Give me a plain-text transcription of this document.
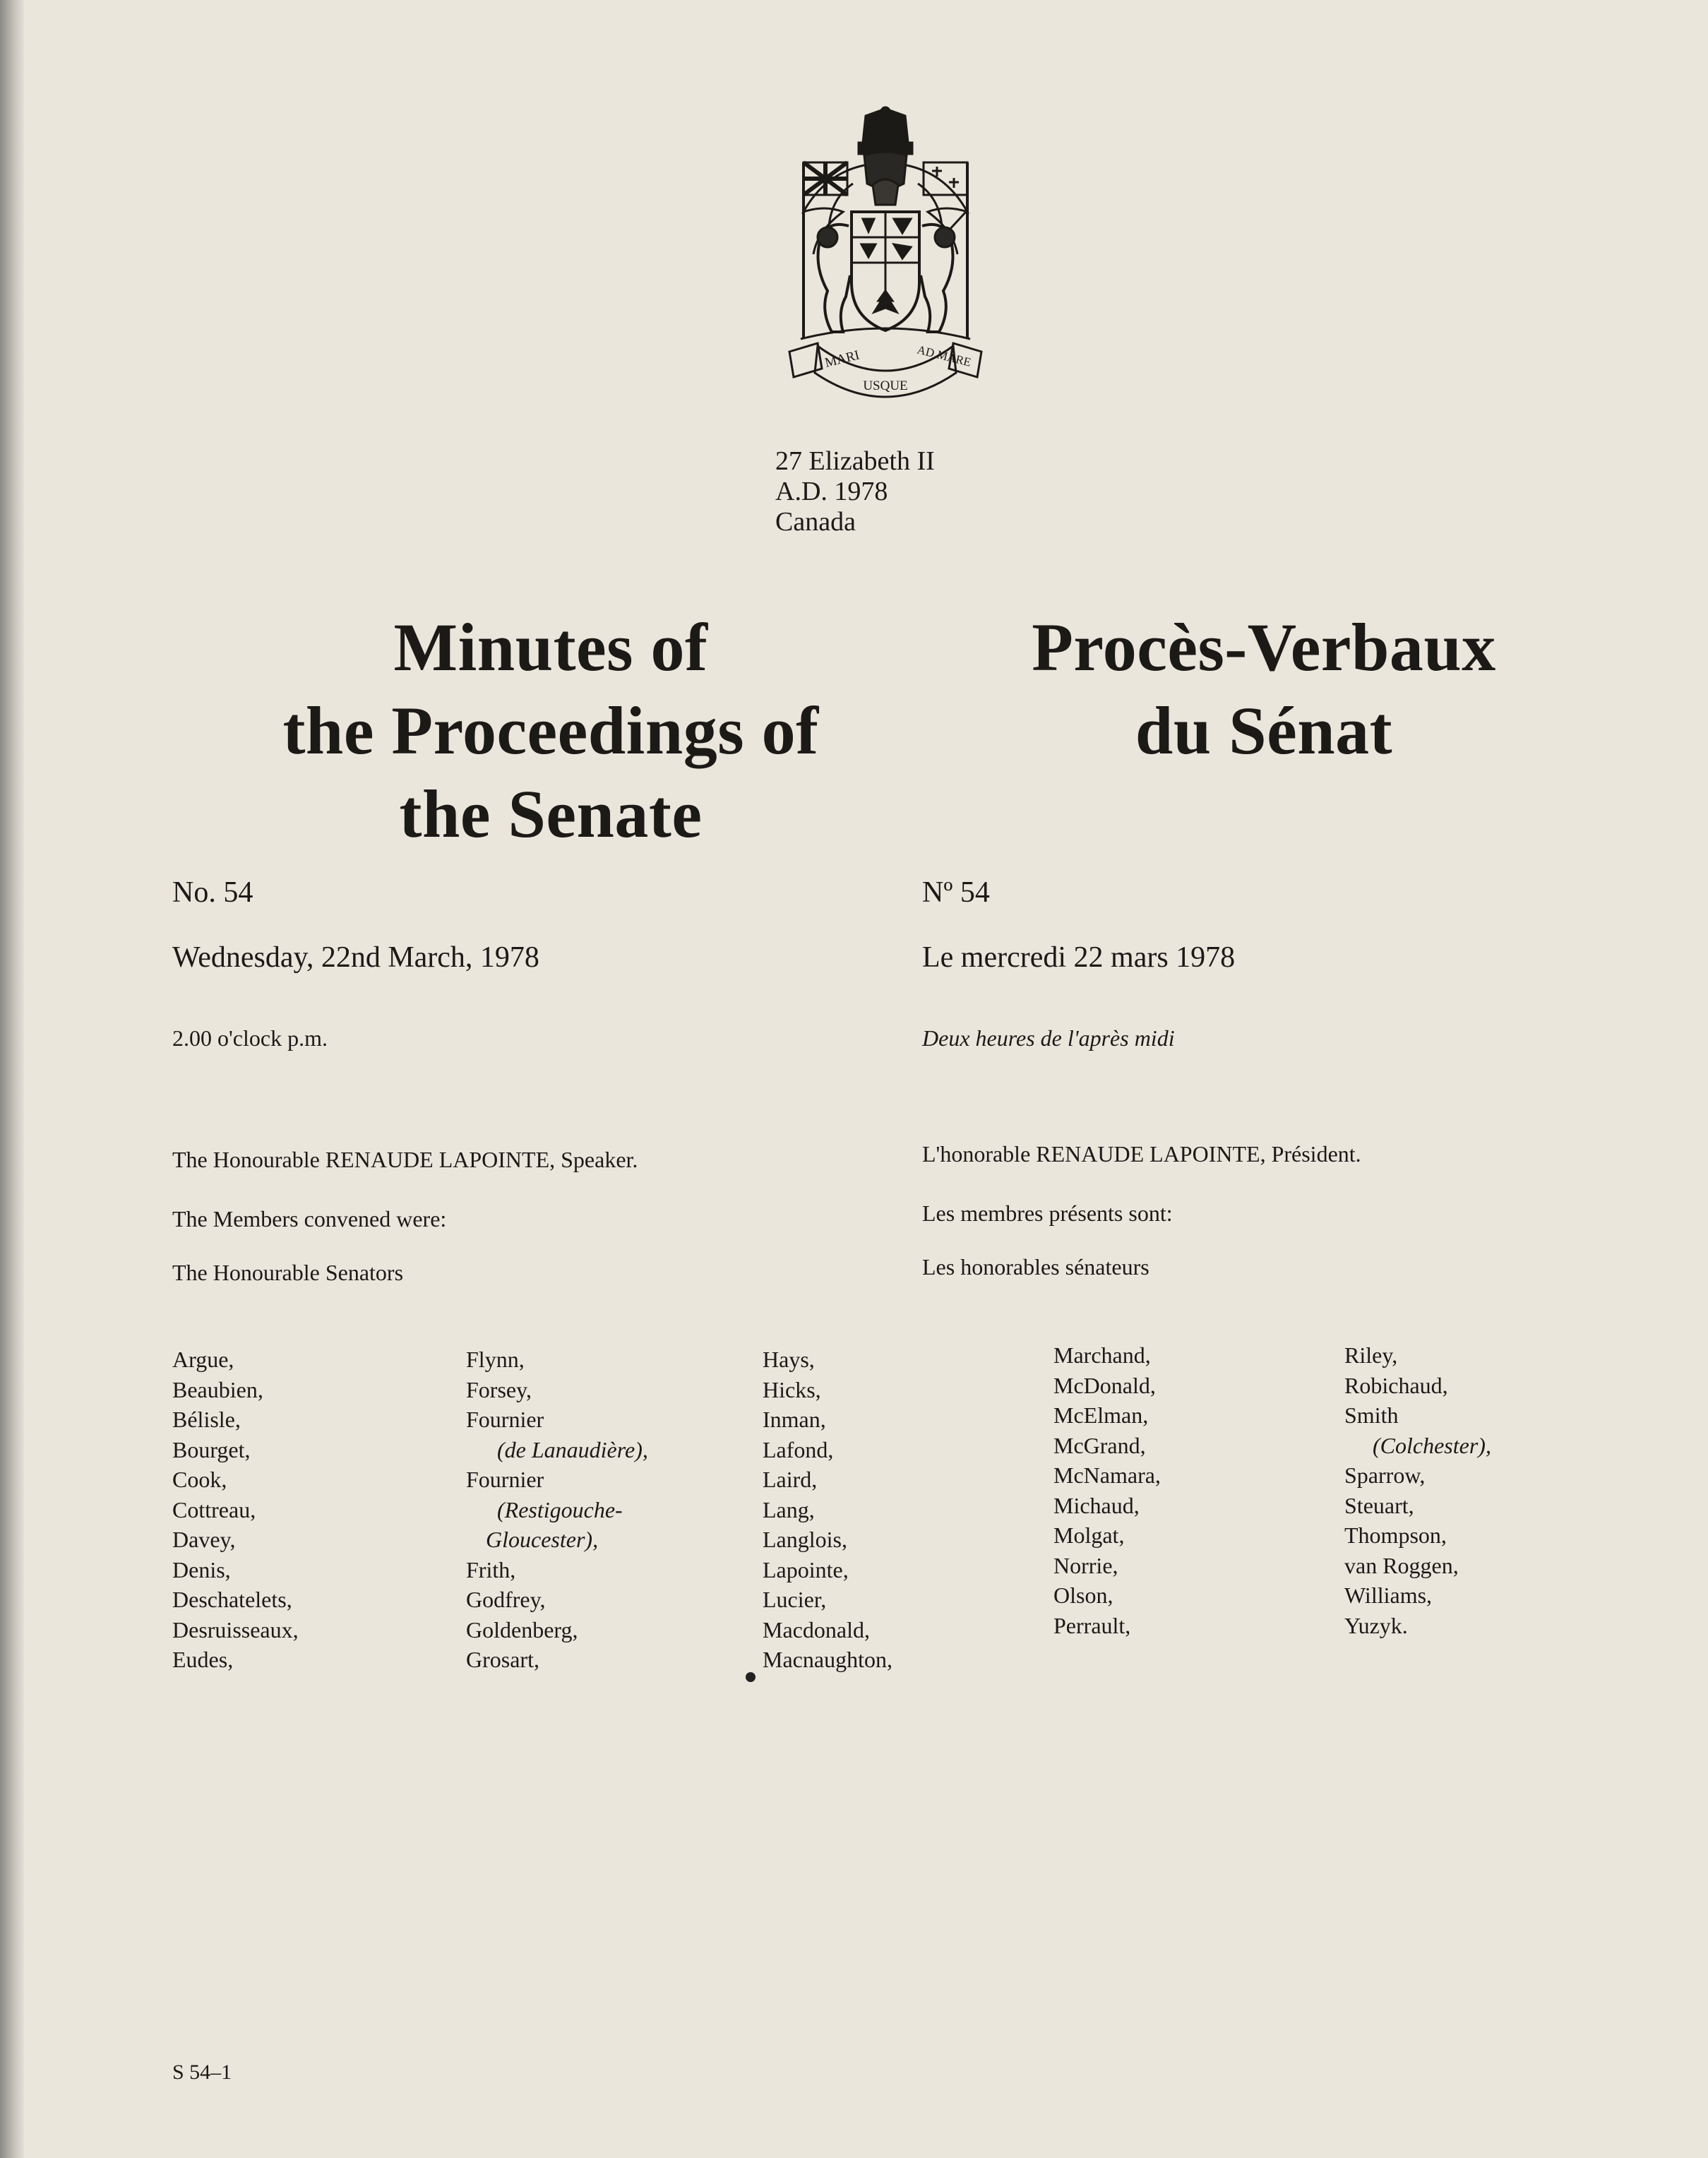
MARI
USQUE
AD MARE
27 Elizabeth II
A.D. 1978
Canada
Minutes of
the Proceedings of
the Senate
Procès-Verbaux
du Sénat
No. 54	Nº 54
Wednesday, 22nd March, 1978	Le mercredi 22 mars 1978
2.00 o'clock p.m.	Deux heures de l'après midi
The Honourable RENAUDE LAPOINTE, Speaker.	L'honorable RENAUDE LAPOINTE, Président.
The Members convened were:	Les membres présents sont:
The Honourable Senators	Les honorables sénateurs
Argue,
Beaubien,
Bélisle,
Bourget,
Cook,
Cottreau,
Davey,
Denis,
Deschatelets,
Desruisseaux,
Eudes,
Flynn,
Forsey,
Fournier
(de Lanaudière),
Fournier
(Restigouche-
Gloucester),
Frith,
Godfrey,
Goldenberg,
Grosart,
Hays,
Hicks,
Inman,
Lafond,
Laird,
Lang,
Langlois,
Lapointe,
Lucier,
Macdonald,
Macnaughton,
Marchand,
McDonald,
McElman,
McGrand,
McNamara,
Michaud,
Molgat,
Norrie,
Olson,
Perrault,
Riley,
Robichaud,
Smith
(Colchester),
Sparrow,
Steuart,
Thompson,
van Roggen,
Williams,
Yuzyk.
S 54–1
